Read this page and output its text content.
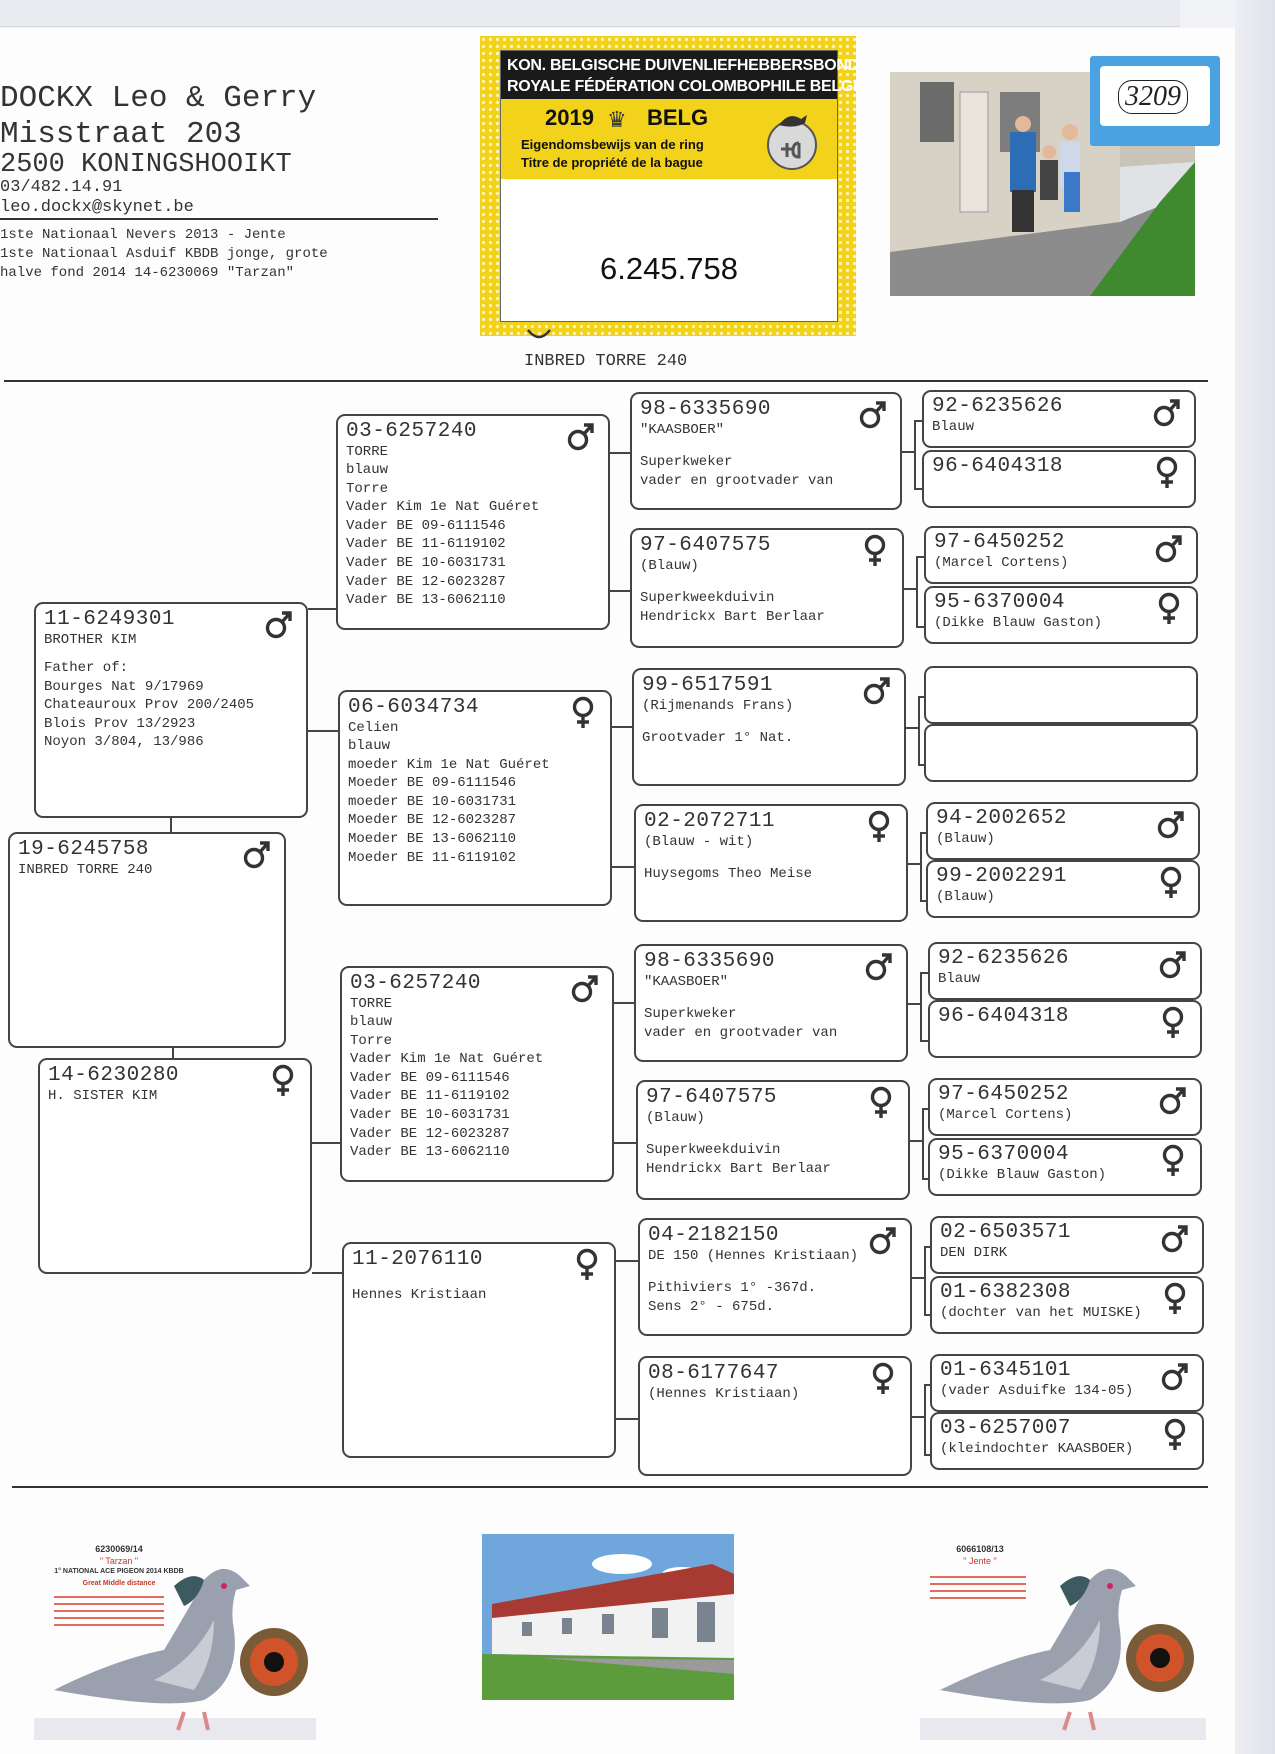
DOCKX Leo & Gerry
Misstraat 203
2500 KONINGSHOOIKT
03/482.14.91
leo.dockx@skynet.be
1ste Nationaal Nevers 2013 - Jente
1ste Nationaal Asduif KBDB jonge, grote
halve fond 2014 14-6230069 "Tarzan"
KON. BELGISCHE DUIVENLIEFHEBBERSBOND
ROYALE FÉDÉRATION COLOMBOPHILE BELGE
2019 ♛ BELG
Eigendomsbewijs van de ring
Titre de propriété de la bague
6.245.758
3209
INBRED TORRE 240
19-6245758
INBRED TORRE 240
11-6249301
BROTHER KIM
Father of:
Bourges Nat 9/17969
Chateauroux Prov 200/2405
Blois Prov 13/2923
Noyon 3/804, 13/986
14-6230280
H. SISTER KIM
03-6257240
TORRE
blauw
Torre
Vader Kim 1e Nat Guéret
Vader BE 09-6111546
Vader BE 11-6119102
Vader BE 10-6031731
Vader BE 12-6023287
Vader BE 13-6062110
06-6034734
Celien
blauw
moeder Kim 1e Nat Guéret
Moeder BE 09-6111546
moeder BE 10-6031731
Moeder BE 12-6023287
Moeder BE 13-6062110
Moeder BE 11-6119102
03-6257240
TORRE
blauw
Torre
Vader Kim 1e Nat Guéret
Vader BE 09-6111546
Vader BE 11-6119102
Vader BE 10-6031731
Vader BE 12-6023287
Vader BE 13-6062110
11-2076110
Hennes Kristiaan
98-6335690
"KAASBOER"
Superkweker
vader en grootvader van
97-6407575
(Blauw)
Superkweekduivin
Hendrickx Bart Berlaar
99-6517591
(Rijmenands Frans)
Grootvader 1° Nat.
02-2072711
(Blauw - wit)
Huysegoms Theo Meise
98-6335690
"KAASBOER"
Superkweker
vader en grootvader van
97-6407575
(Blauw)
Superkweekduivin
Hendrickx Bart Berlaar
04-2182150
DE 150 (Hennes Kristiaan)
Pithiviers 1° -367d.
Sens 2° - 675d.
08-6177647
(Hennes Kristiaan)
92-6235626
Blauw
96-6404318
97-6450252
(Marcel Cortens)
95-6370004
(Dikke Blauw Gaston)
94-2002652
(Blauw)
99-2002291
(Blauw)
92-6235626
Blauw
96-6404318
97-6450252
(Marcel Cortens)
95-6370004
(Dikke Blauw Gaston)
02-6503571
DEN DIRK
01-6382308
(dochter van het MUISKE)
01-6345101
(vader Asduifke 134-05)
03-6257007
(kleindochter KAASBOER)
6230069/14
" Tarzan "
1° NATIONAL ACE PIGEON 2014 KBDB
Great Middle distance
6066108/13
" Jente "
